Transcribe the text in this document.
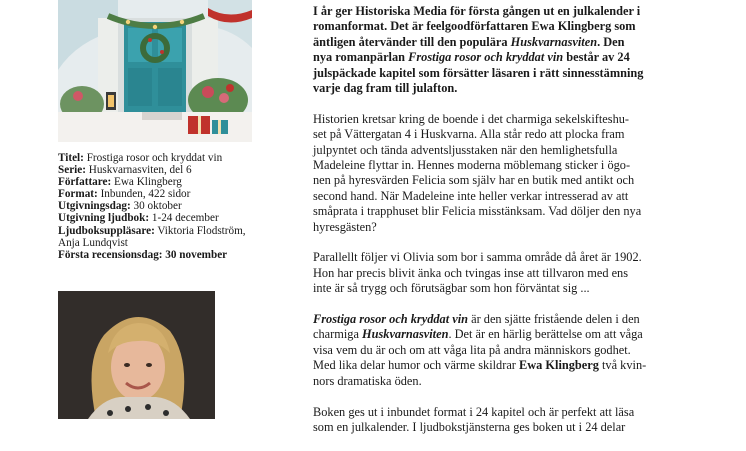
Titel: Frostiga rosor och kryddat vin
Serie: Huskvarnasviten, del 6
Författare: Ewa Klingberg
Format: Inbunden, 422 sidor
Utgivningsdag: 30 oktober
Utgivning ljudbok: 1-24 december
Ljudboksuppläsare: Viktoria Flodström,
Anja Lundqvist
Första recensionsdag: 30 november

I år ger Historiska Media för första gången ut en julkalender i
romanformat. Det är feelgoodförfattaren Ewa Klingberg som
äntligen återvänder till den populära Huskvarnasviten. Den
nya romanpärlan Frostiga rosor och kryddat vin består av 24
julspäckade kapitel som försätter läsaren i rätt sinnesstämning
varje dag fram till julafton.

Historien kretsar kring de boende i det charmiga sekelskifteshu-
set på Vättergatan 4 i Huskvarna. Alla står redo att plocka fram
julpyntet och tända adventsljusstaken när den hemlighetsfulla
Madeleine flyttar in. Hennes moderna möblemang sticker i ögo-
nen på hyresvärden Felicia som själv har en butik med antikt och
second hand. När Madeleine inte heller verkar intresserad av att
småprata i trapphuset blir Felicia misstänksam. Vad döljer den nya
hyresgästen?

Parallellt följer vi Olivia som bor i samma område då året är 1902.
Hon har precis blivit änka och tvingas inse att tillvaron med ens
inte är så trygg och förutsägbar som hon förväntat sig ...

Frostiga rosor och kryddat vin är den sjätte fristående delen i den
charmiga Huskvarnasviten. Det är en härlig berättelse om att våga
visa vem du är och om att våga lita på andra människors godhet.
Med lika delar humor och värme skildrar Ewa Klingberg två kvin-
nors dramatiska öden.

Boken ges ut i inbundet format i 24 kapitel och är perfekt att läsa
som en julkalender. I ljudbokstjänsterna ges boken ut i 24 delar
